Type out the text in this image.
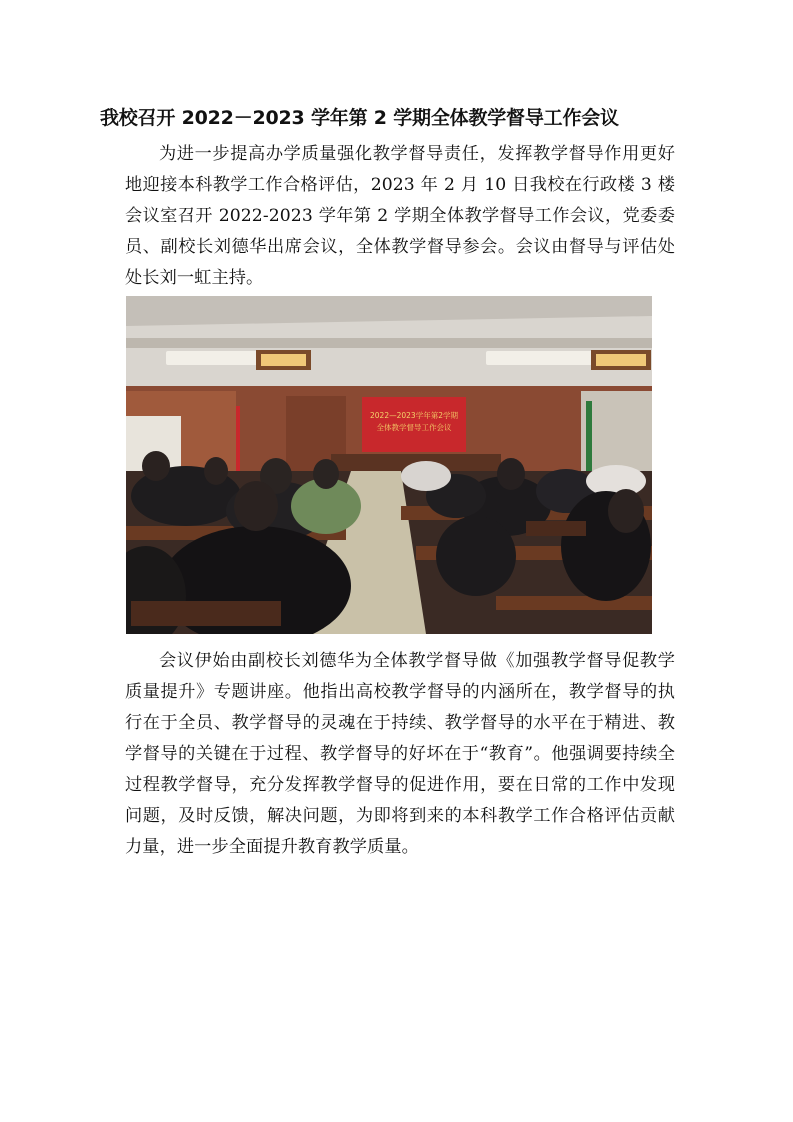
我校召开 2022－2023 学年第 2 学期全体教学督导工作会议

为进一步提高办学质量强化教学督导责任，发挥教学督导作用更好地迎接本科教学工作合格评估，2023 年 2 月 10 日我校在行政楼 3 楼会议室召开 2022-2023 学年第 2 学期全体教学督导工作会议，党委委员、副校长刘德华出席会议，全体教学督导参会。会议由督导与评估处处长刘一虹主持。

2022—2023学年第2学期
全体教学督导工作会议

会议伊始由副校长刘德华为全体教学督导做《加强教学督导促教学质量提升》专题讲座。他指出高校教学督导的内涵所在，教学督导的执行在于全员、教学督导的灵魂在于持续、教学督导的水平在于精进、教学督导的关键在于过程、教学督导的好坏在于“教育”。他强调要持续全过程教学督导，充分发挥教学督导的促进作用，要在日常的工作中发现问题，及时反馈，解决问题，为即将到来的本科教学工作合格评估贡献力量，进一步全面提升教育教学质量。
